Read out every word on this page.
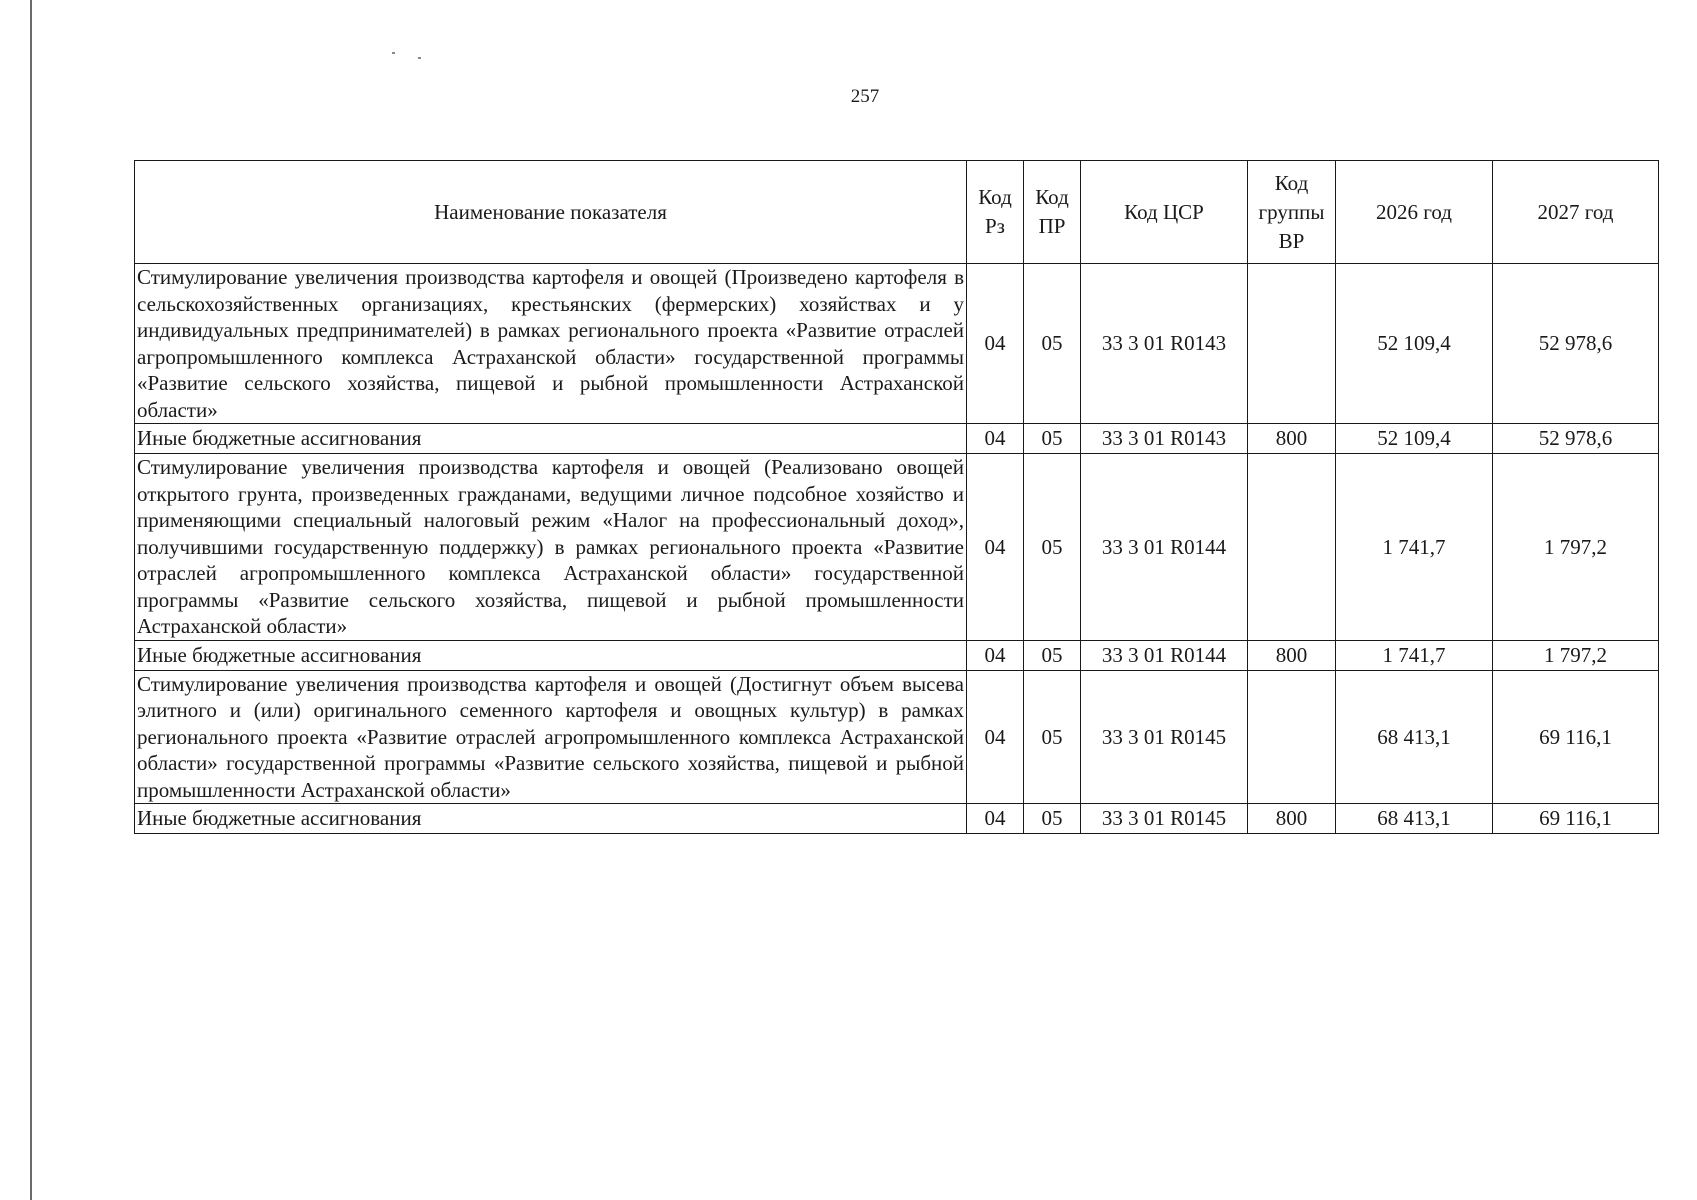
257
Наименование показателя	Код Рз	Код ПР	Код ЦСР	Код группы ВР	2026 год	2027 год
Стимулирование увеличения производства картофеля и овощей (Произведено картофеля в сельскохозяйственных организациях, крестьянских (фермерских) хозяйствах и у индивидуальных предпринимателей) в рамках регионального проекта «Развитие отраслей агропромышленного комплекса Астраханской области» государственной программы «Развитие сельского хозяйства, пищевой и рыбной промышленности Астраханской области»	04	05	33 3 01 R0143		52 109,4	52 978,6
Иные бюджетные ассигнования	04	05	33 3 01 R0143	800	52 109,4	52 978,6
Стимулирование увеличения производства картофеля и овощей (Реализовано овощей открытого грунта, произведенных гражданами, ведущими личное подсобное хозяйство и применяющими специальный налоговый режим «Налог на профессиональный доход», получившими государственную поддержку) в рамках регионального проекта «Развитие отраслей агропромышленного комплекса Астраханской области» государственной программы «Развитие сельского хозяйства, пищевой и рыбной промышленности Астраханской области»	04	05	33 3 01 R0144		1 741,7	1 797,2
Иные бюджетные ассигнования	04	05	33 3 01 R0144	800	1 741,7	1 797,2
Стимулирование увеличения производства картофеля и овощей (Достигнут объем высева элитного и (или) оригинального семенного картофеля и овощных культур) в рамках регионального проекта «Развитие отраслей агропромышленного комплекса Астраханской области» государственной программы «Развитие сельского хозяйства, пищевой и рыбной промышленности Астраханской области»	04	05	33 3 01 R0145		68 413,1	69 116,1
Иные бюджетные ассигнования	04	05	33 3 01 R0145	800	68 413,1	69 116,1
